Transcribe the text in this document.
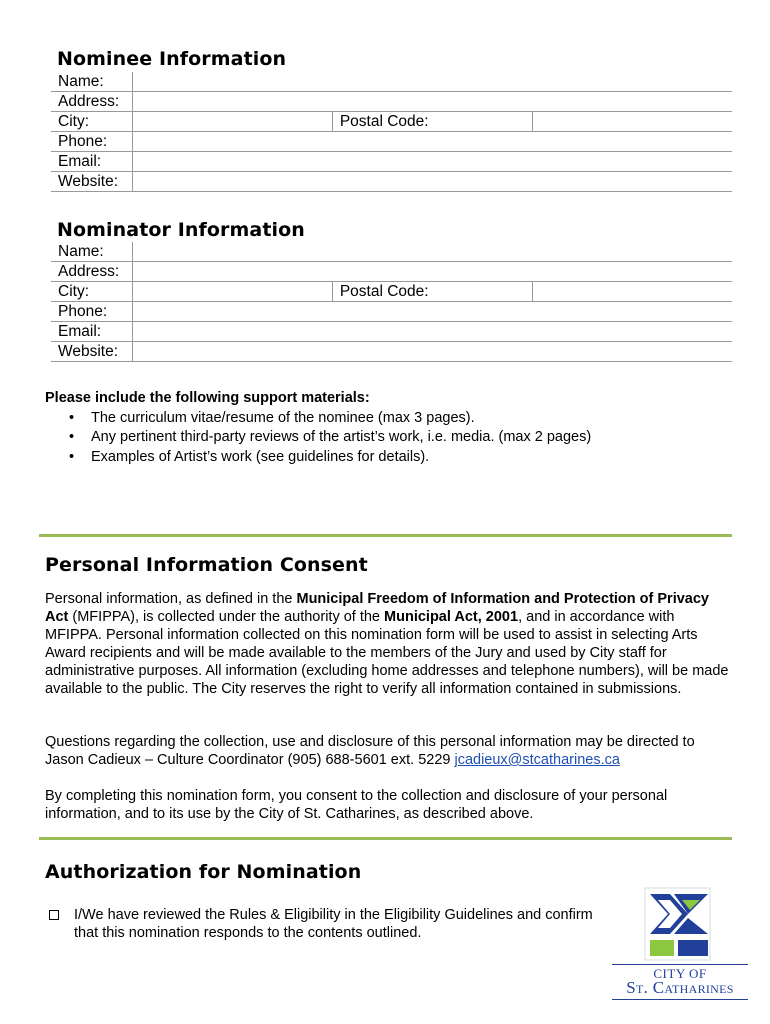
Nominee Information
Name:			
Address:			
City:		Postal Code:	
Phone:			
Email:			
Website:			
Nominator Information
Name:			
Address:			
City:		Postal Code:	
Phone:			
Email:			
Website:			
Please include the following support materials:
• The curriculum vitae/resume of the nominee (max 3 pages).
• Any pertinent third-party reviews of the artist’s work, i.e. media. (max 2 pages)
• Examples of Artist’s work (see guidelines for details).
Personal Information Consent

Personal information, as defined in the Municipal Freedom of Information and Protection of Privacy Act (MFIPPA), is collected under the authority of the Municipal Act, 2001, and in accordance with MFIPPA. Personal information collected on this nomination form will be used to assist in selecting Arts Award recipients and will be made available to the members of the Jury and used by City staff for administrative purposes. All information (excluding home addresses and telephone numbers), will be made available to the public. The City reserves the right to verify all information contained in submissions.

Questions regarding the collection, use and disclosure of this personal information may be directed to Jason Cadieux – Culture Coordinator (905) 688-5601 ext. 5229 jcadieux@stcatharines.ca

By completing this nomination form, you consent to the collection and disclosure of your personal information, and to its use by the City of St. Catharines, as described above.

Authorization for Nomination
I/We have reviewed the Rules & Eligibility in the Eligibility Guidelines and confirm that this nomination responds to the contents outlined.
CITY OF
St. Catharines
